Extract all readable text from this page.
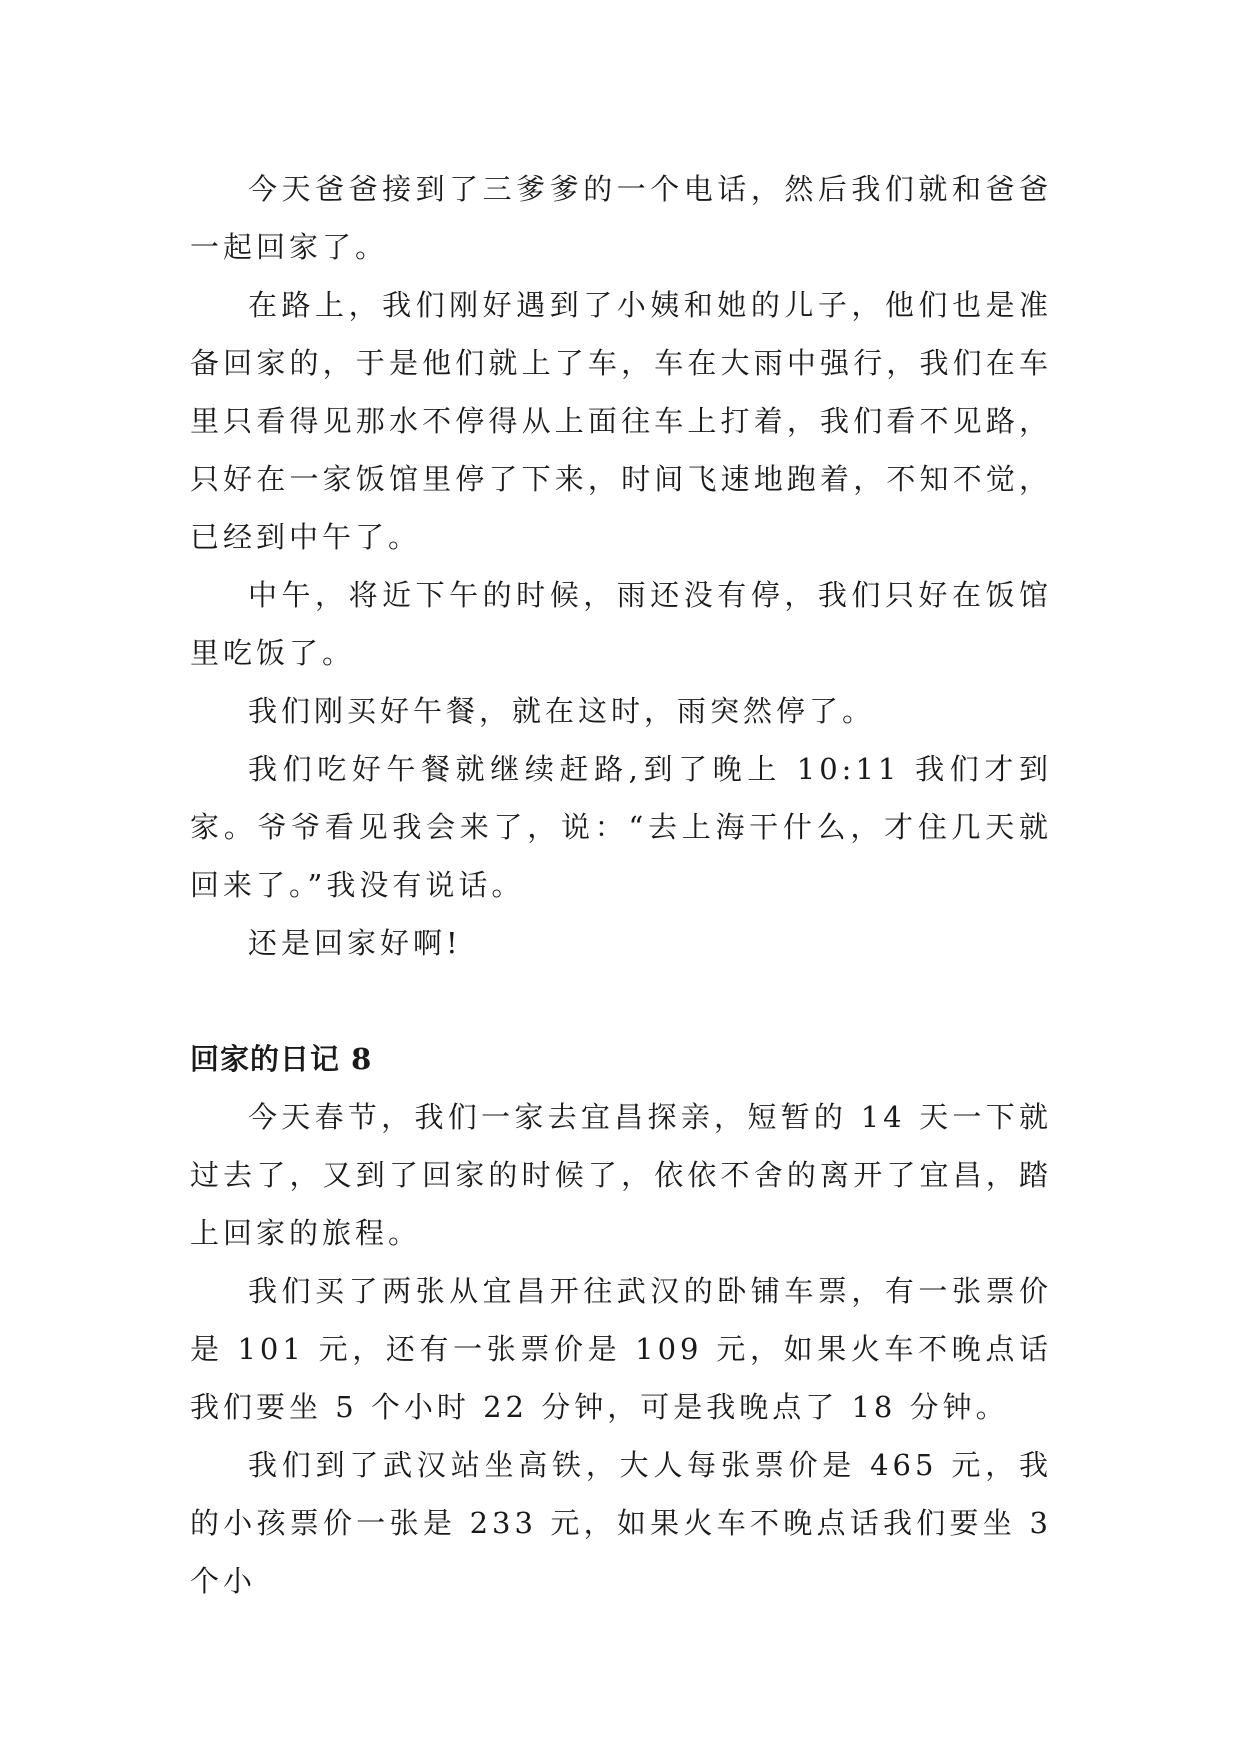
今天爸爸接到了三爹爹的一个电话，然后我们就和爸爸一起回家了。

在路上，我们刚好遇到了小姨和她的儿子，他们也是准备回家的，于是他们就上了车，车在大雨中强行，我们在车里只看得见那水不停得从上面往车上打着，我们看不见路，只好在一家饭馆里停了下来，时间飞速地跑着，不知不觉，已经到中午了。

中午，将近下午的时候，雨还没有停，我们只好在饭馆里吃饭了。

我们刚买好午餐，就在这时，雨突然停了。

我们吃好午餐就继续赶路,到了晚上 10:11 我们才到家。爷爷看见我会来了，说：“去上海干什么，才住几天就回来了。”我没有说话。

还是回家好啊!

回家的日记 8

今天春节，我们一家去宜昌探亲，短暂的 14 天一下就过去了，又到了回家的时候了，依依不舍的离开了宜昌，踏上回家的旅程。

我们买了两张从宜昌开往武汉的卧铺车票，有一张票价是 101 元，还有一张票价是 109 元，如果火车不晚点话我们要坐 5 个小时 22 分钟，可是我晚点了 18 分钟。

我们到了武汉站坐高铁，大人每张票价是 465 元，我的小孩票价一张是 233 元，如果火车不晚点话我们要坐 3 个小
